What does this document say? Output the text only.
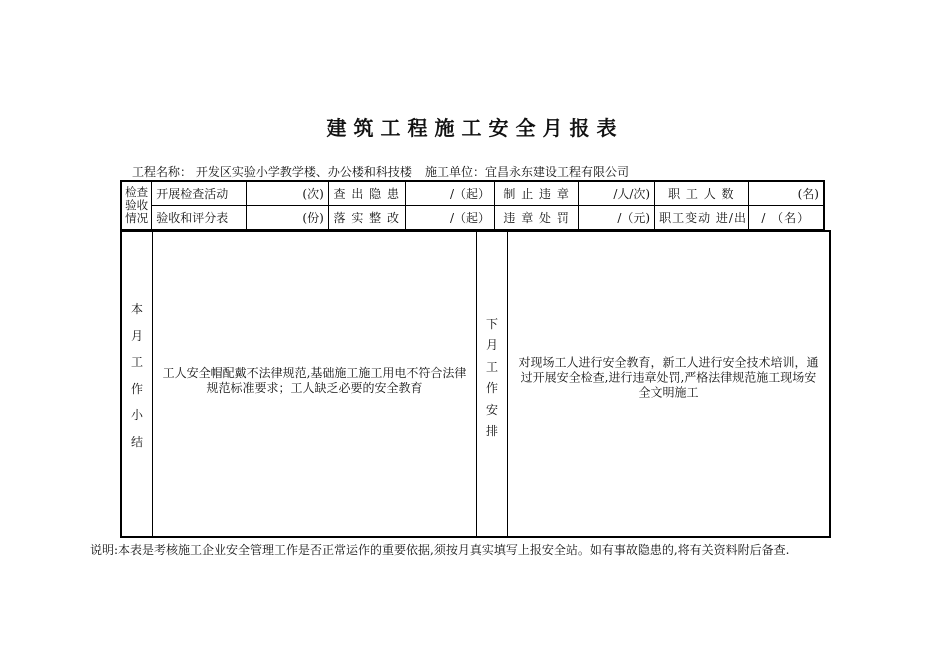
建筑工程施工安全月报表
工程名称： 开发区实验小学教学楼、办公楼和科技楼 施工单位：宜昌永东建设工程有限公司
检查
验收
情况	开展检查活动	(次)	查 出 隐 患	/（起）	制 止 违 章	/人/次)	职 工 人 数	(名)
	验收和评分表	(份)	落 实 整 改	/（起）	违 章 处 罚	/（元)	职工变动 进/出	/ （名）
本
月
工
作
小
结
工人安全帽配戴不法律规范,基础施工施工用电不符合法律规范标准要求；工人缺乏必要的安全教育
下
月
工
作
安
排
对现场工人进行安全教育，新工人进行安全技术培训，通过开展安全检查,进行违章处罚,严格法律规范施工现场安全文明施工
说明:本表是考核施工企业安全管理工作是否正常运作的重要依据,须按月真实填写上报安全站。如有事故隐患的,将有关资料附后备查.
